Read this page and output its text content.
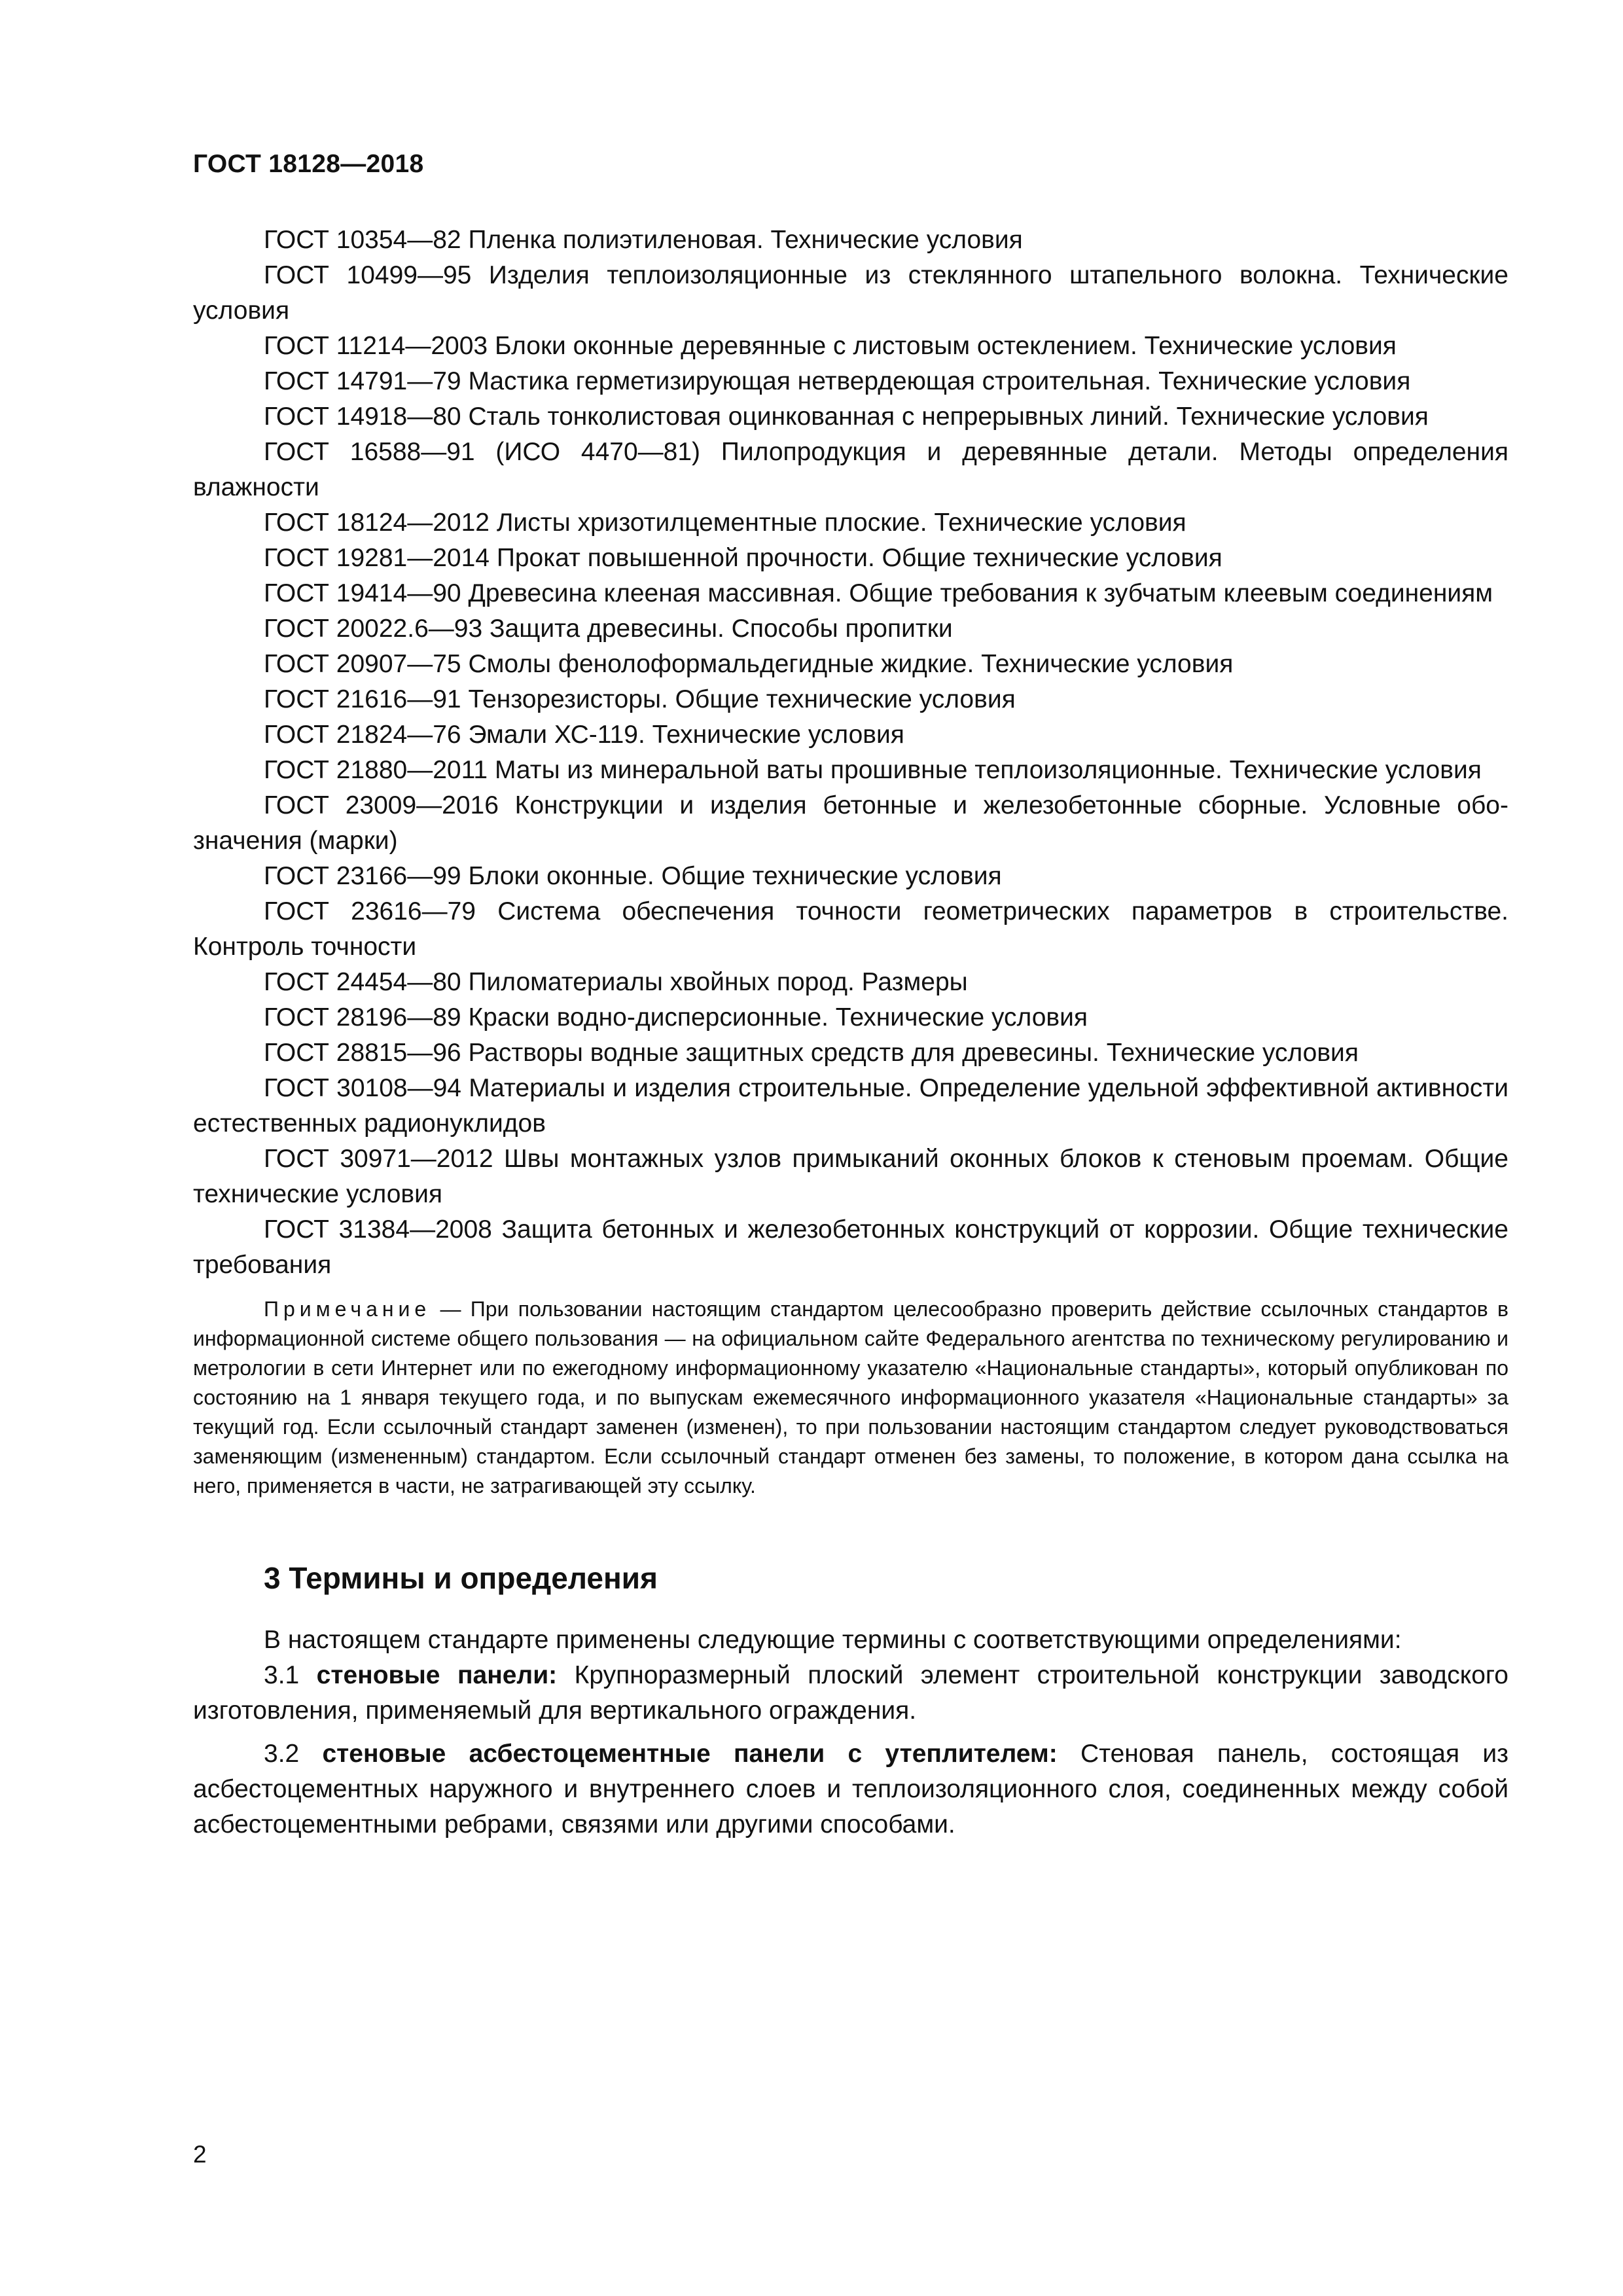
ГОСТ 18128—2018

ГОСТ 10354—82 Пленка полиэтиленовая. Технические условия

ГОСТ 10499—95 Изделия теплоизоляционные из стеклянного штапельного волокна. Технические условия

ГОСТ 11214—2003 Блоки оконные деревянные с листовым остеклением. Технические условия

ГОСТ 14791—79 Мастика герметизирующая нетвердеющая строительная. Технические условия

ГОСТ 14918—80 Сталь тонколистовая оцинкованная с непрерывных линий. Технические условия

ГОСТ 16588—91 (ИСО 4470—81) Пилопродукция и деревянные детали. Методы определения влажности

ГОСТ 18124—2012 Листы хризотилцементные плоские. Технические условия

ГОСТ 19281—2014 Прокат повышенной прочности. Общие технические условия

ГОСТ 19414—90 Древесина клееная массивная. Общие требования к зубчатым клеевым соединениям

ГОСТ 20022.6—93 Защита древесины. Способы пропитки

ГОСТ 20907—75 Смолы фенолоформальдегидные жидкие. Технические условия

ГОСТ 21616—91 Тензорезисторы. Общие технические условия

ГОСТ 21824—76 Эмали ХС-119. Технические условия

ГОСТ 21880—2011 Маты из минеральной ваты прошивные теплоизоляционные. Технические условия

ГОСТ 23009—2016 Конструкции и изделия бетонные и железобетонные сборные. Условные обозначения (марки)

ГОСТ 23166—99 Блоки оконные. Общие технические условия

ГОСТ 23616—79 Система обеспечения точности геометрических параметров в строительстве. Контроль точности

ГОСТ 24454—80 Пиломатериалы хвойных пород. Размеры

ГОСТ 28196—89 Краски водно-дисперсионные. Технические условия

ГОСТ 28815—96 Растворы водные защитных средств для древесины. Технические условия

ГОСТ 30108—94 Материалы и изделия строительные. Определение удельной эффективной активности естественных радионуклидов

ГОСТ 30971—2012 Швы монтажных узлов примыканий оконных блоков к стеновым проемам. Общие технические условия

ГОСТ 31384—2008 Защита бетонных и железобетонных конструкций от коррозии. Общие технические требования

Примечание — При пользовании настоящим стандартом целесообразно проверить действие ссылочных стандартов в информационной системе общего пользования — на официальном сайте Федерального агентства по техническому регулированию и метрологии в сети Интернет или по ежегодному информационному указателю «Национальные стандарты», который опубликован по состоянию на 1 января текущего года, и по выпускам ежемесячного информационного указателя «Национальные стандарты» за текущий год. Если ссылочный стандарт заменен (изменен), то при пользовании настоящим стандартом следует руководствоваться заменяющим (измененным) стандартом. Если ссылочный стандарт отменен без замены, то положение, в котором дана ссылка на него, применяется в части, не затрагивающей эту ссылку.

3 Термины и определения

В настоящем стандарте применены следующие термины с соответствующими определениями:

3.1 стеновые панели: Крупноразмерный плоский элемент строительной конструкции заводского изготовления, применяемый для вертикального ограждения.

3.2 стеновые асбестоцементные панели с утеплителем: Стеновая панель, состоящая из асбестоцементных наружного и внутреннего слоев и теплоизоляционного слоя, соединенных между собой асбестоцементными ребрами, связями или другими способами.

2
